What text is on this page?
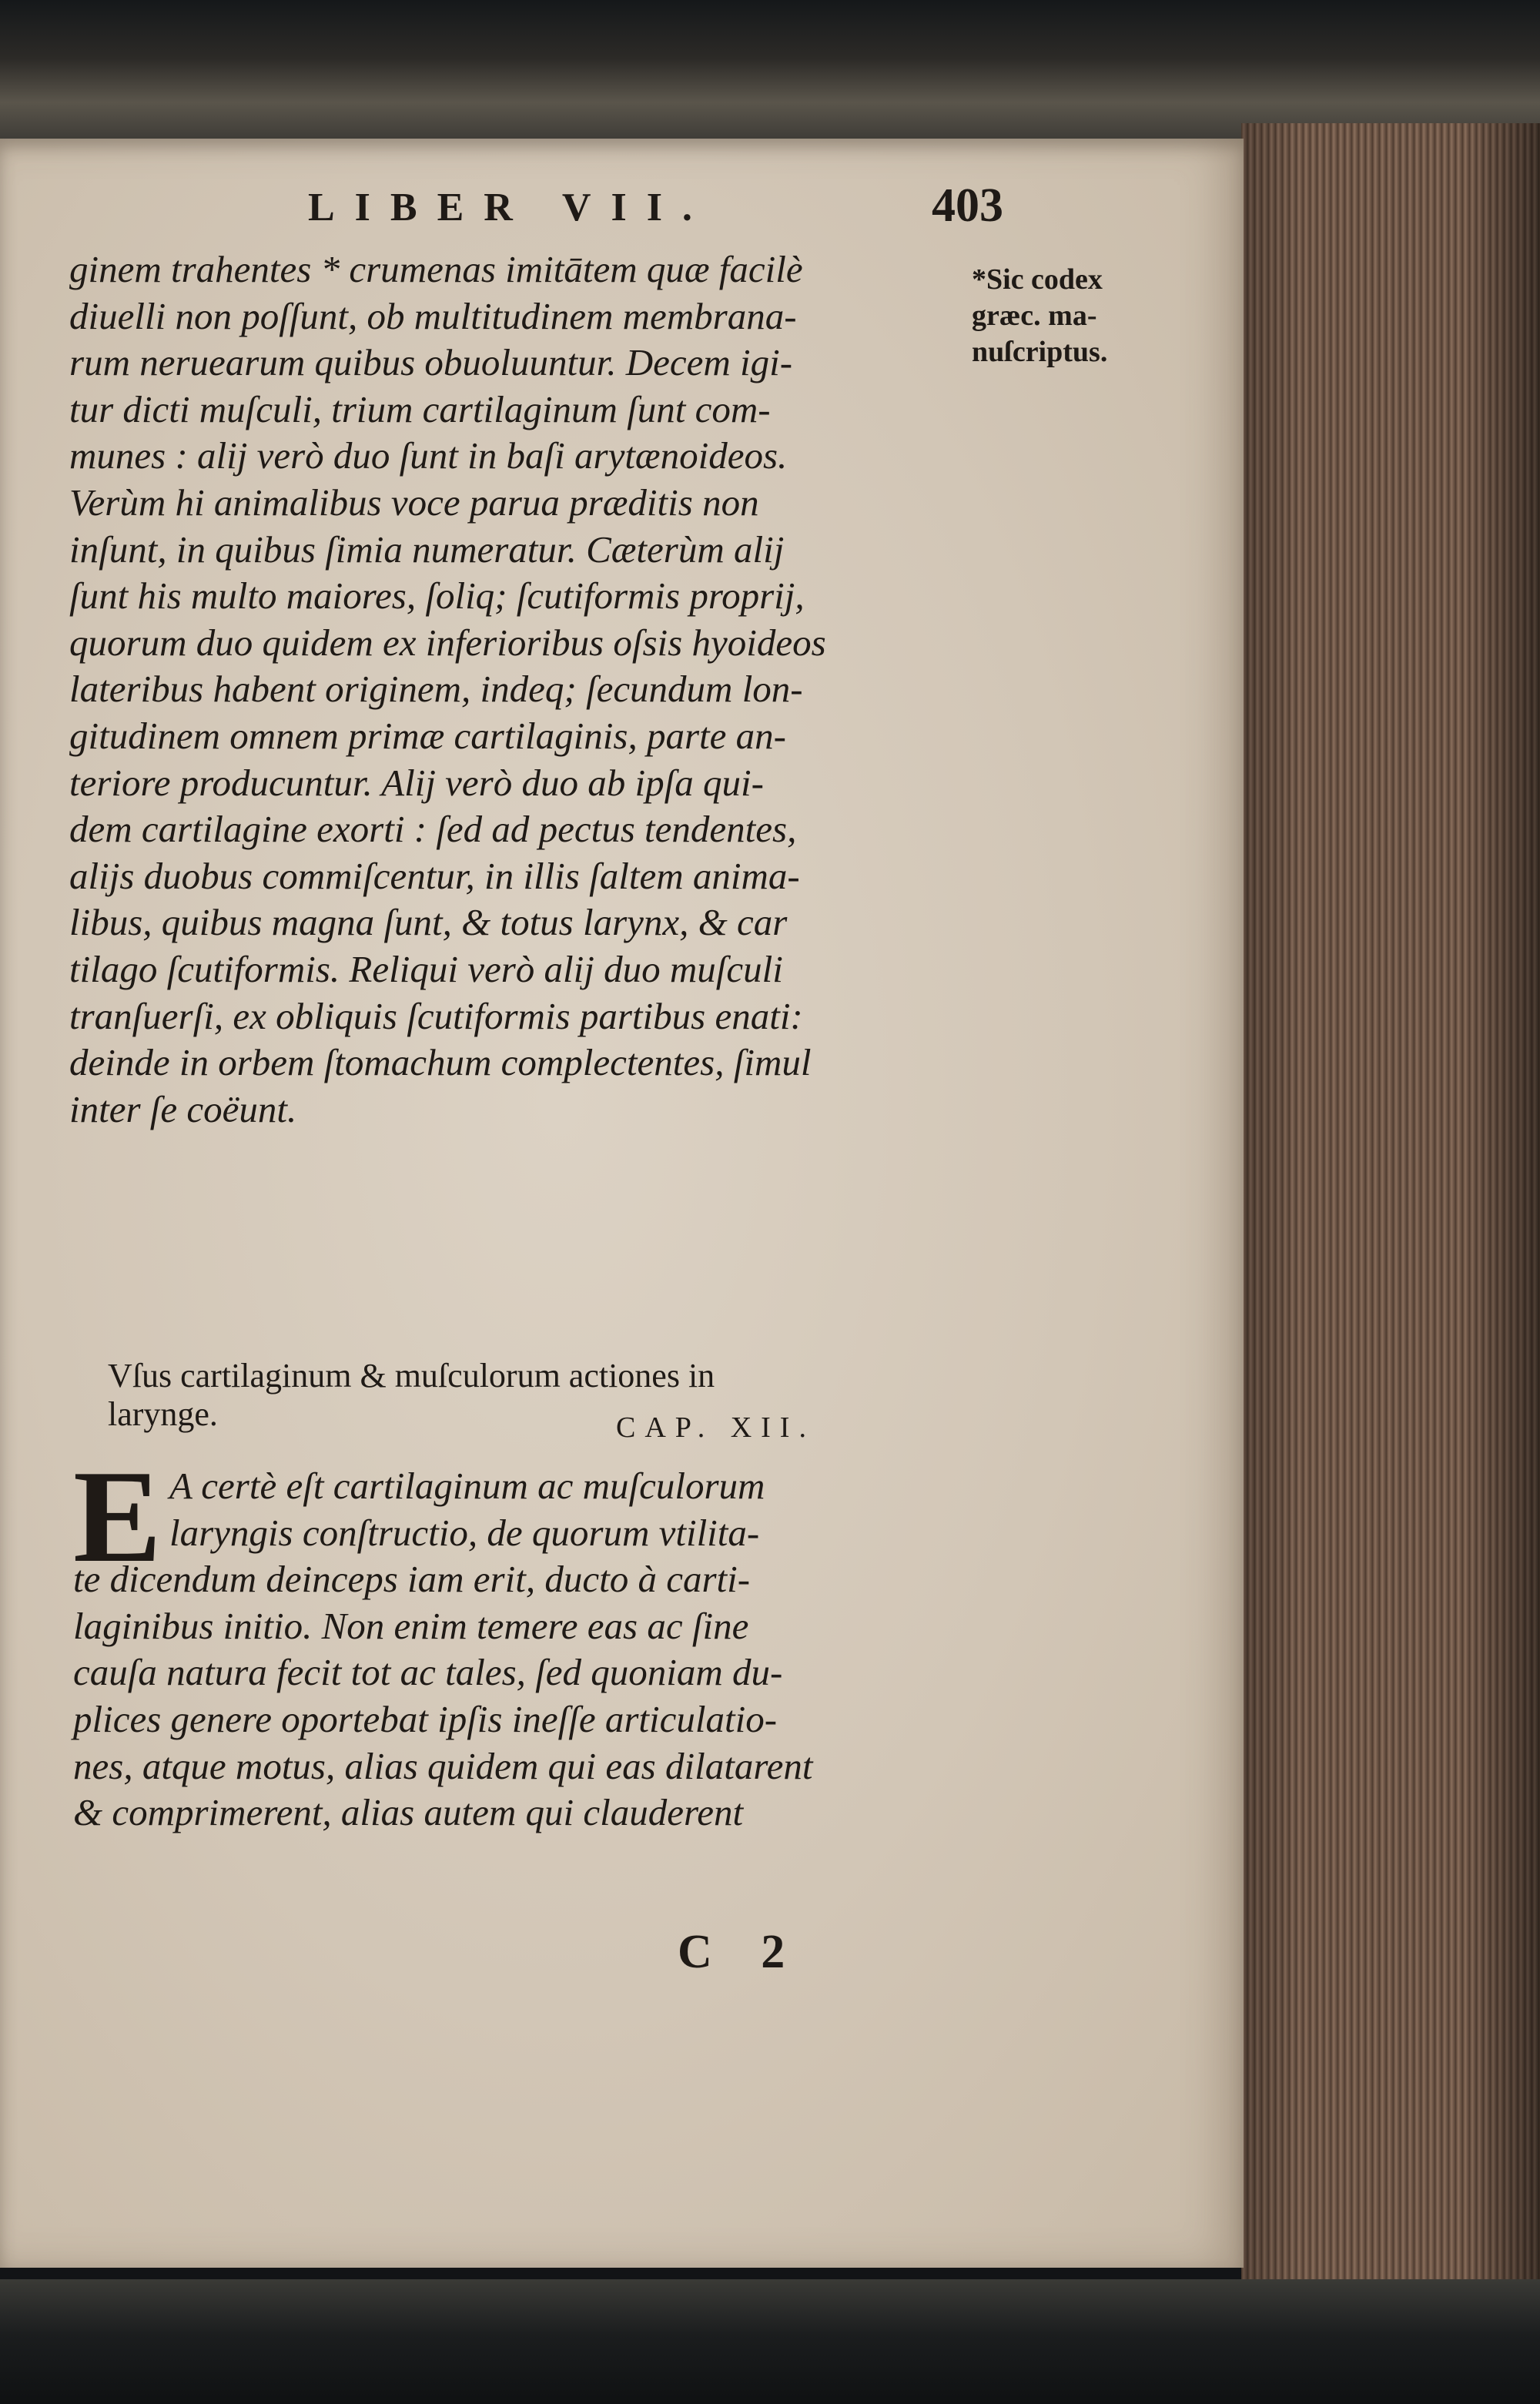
LIBER VII.	403
ginem trahentes * crumenas imitātem quæ facilè
diuelli non poſſunt, ob multitudinem membrana-
rum neruearum quibus obuoluuntur. Decem igi-
tur dicti muſculi, trium cartilaginum ſunt com-
munes : alij verò duo ſunt in baſi arytænoideos.
Verùm hi animalibus voce parua præditis non
inſunt, in quibus ſimia numeratur. Cæterùm alij
ſunt his multo maiores, ſoliq; ſcutiformis proprij,
quorum duo quidem ex inferioribus oſsis hyoideos
lateribus habent originem, indeq; ſecundum lon-
gitudinem omnem primæ cartilaginis, parte an-
teriore producuntur. Alij verò duo ab ipſa qui-
dem cartilagine exorti : ſed ad pectus tendentes,
alijs duobus commiſcentur, in illis ſaltem anima-
libus, quibus magna ſunt, & totus larynx, & car
tilago ſcutiformis. Reliqui verò alij duo muſculi
tranſuerſi, ex obliquis ſcutiformis partibus enati:
deinde in orbem ſtomachum complectentes, ſimul
inter ſe coëunt.
*Sic codex
græc. ma-
nuſcriptus.
Vſus cartilaginum & muſculorum actiones in
larynge.	CAP. XII.
E A certè eſt cartilaginum ac muſculorum
laryngis conſtructio, de quorum vtilita-
te dicendum deinceps iam erit, ducto à carti-
laginibus initio. Non enim temere eas ac ſine
cauſa natura fecit tot ac tales, ſed quoniam du-
plices genere oportebat ipſis ineſſe articulatio-
nes, atque motus, alias quidem qui eas dilatarent
& comprimerent, alias autem qui clauderent
C 2
